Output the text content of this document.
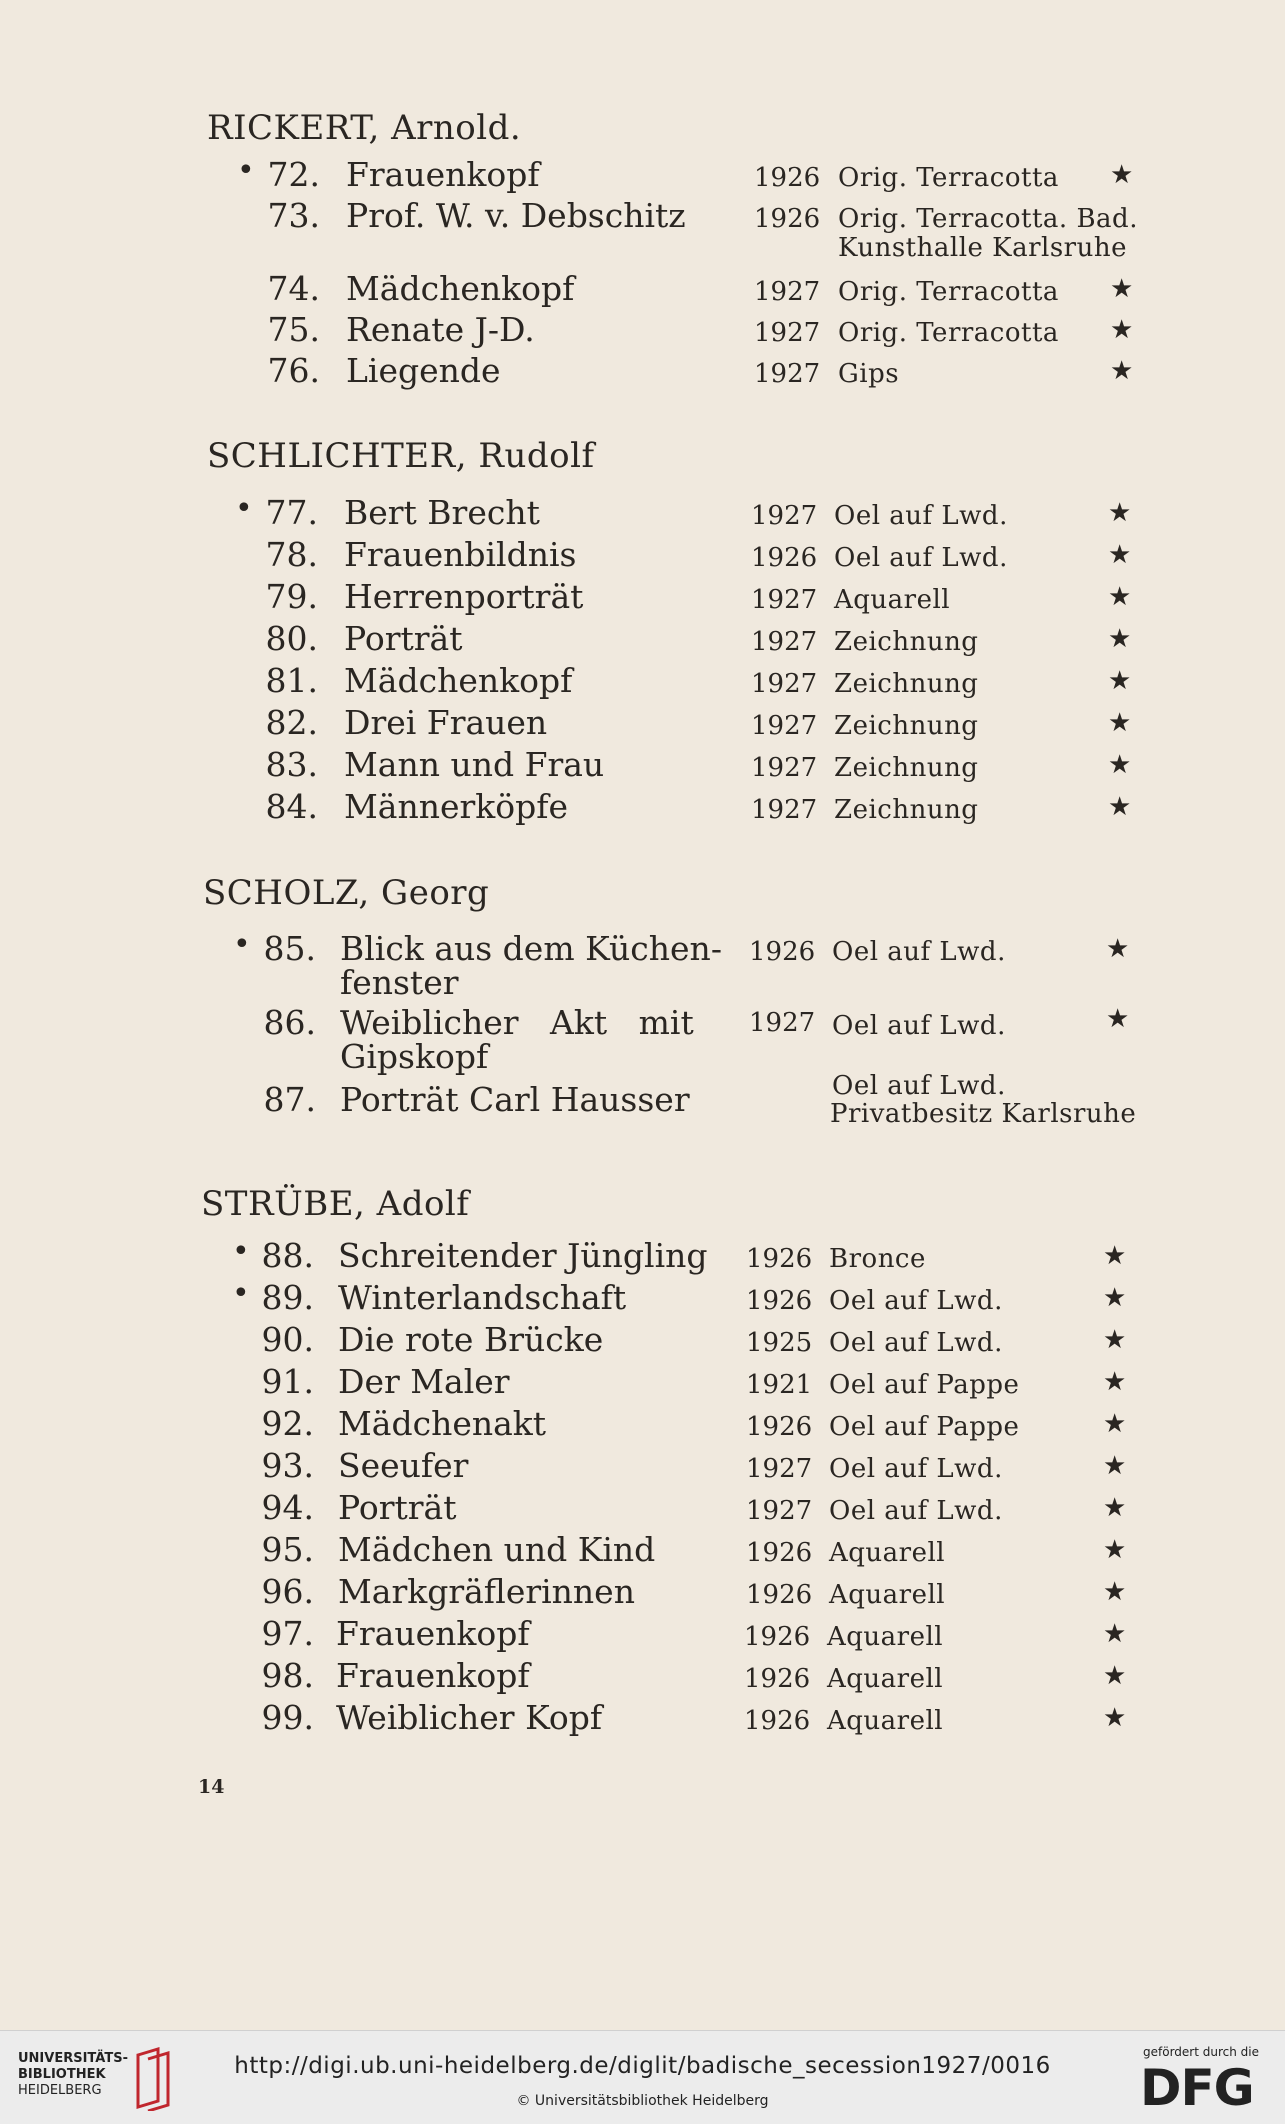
RICKERT, Arnold.
• 72. Frauenkopf	1926 Orig. Terracotta ★
73. Prof. W. v. Debschitz	1926 Orig. Terracotta. Bad.
Kunsthalle Karlsruhe
74. Mädchenkopf	1927 Orig. Terracotta ★
75. Renate J-D.	1927 Orig. Terracotta ★
76. Liegende	1927 Gips	★
SCHLICHTER, Rudolf
• 77. Bert Brecht	1927 Oel auf Lwd.	★
78. Frauenbildnis	1926 Oel auf Lwd.	★
79. Herrenporträt	1927 Aquarell	★
80. Porträt	1927 Zeichnung	★
81. Mädchenkopf	1927 Zeichnung	★
82. Drei Frauen	1927 Zeichnung	★
83. Mann und Frau	1927 Zeichnung	★
84. Männerköpfe	1927 Zeichnung	★
SCHOLZ, Georg
• 85. Blick aus dem Küchen-
fenster
1926 Oel auf Lwd.	★
86. Weiblicher   Akt   mit
Gipskopf
1927 Oel auf Lwd.	★
87. Porträt Carl Hausser	Oel auf Lwd.
Privatbesitz Karlsruhe
STRÜBE, Adolf
• 88. Schreitender Jüngling 1926 Bronce	★
• 89. Winterlandschaft	1926 Oel auf Lwd.	★
90. Die rote Brücke	1925 Oel auf Lwd.	★
91. Der Maler	1921 Oel auf Pappe	★
92. Mädchenakt	1926 Oel auf Pappe	★
93. Seeufer	1927 Oel auf Lwd.	★
94. Porträt	1927 Oel auf Lwd.	★
95. Mädchen und Kind	1926 Aquarell	★
96. Markgräflerinnen	1926 Aquarell	★
97. Frauenkopf	1926 Aquarell	★
98. Frauenkopf	1926 Aquarell	★
99. Weiblicher Kopf	1926 Aquarell	★
14
UNIVERSITÄTS-
BIBLIOTHEK
HEIDELBERG
http://digi.ub.uni-heidelberg.de/diglit/badische_secession1927/0016
© Universitätsbibliothek Heidelberg
gefördert durch die
DFG
